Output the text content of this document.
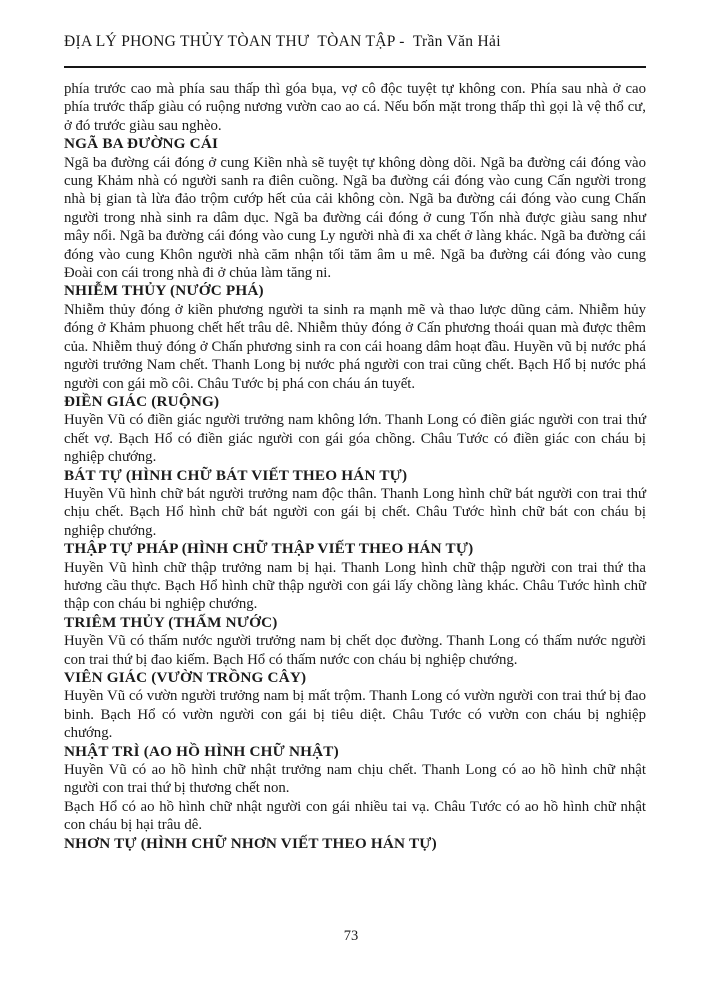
ĐỊA LÝ PHONG THỦY TÒAN THƯ  TÒAN TẬP -  Trần Văn Hải

phía trước cao mà phía sau thấp thì góa bụa, vợ cô độc tuyệt tự không con. Phía sau nhà ở cao phía trước thấp giàu có ruộng nương vườn cao ao cá. Nếu bốn mặt trong thấp thì gọi là vệ thổ cư, ở đó trước giàu sau nghèo.

NGÃ BA ĐƯỜNG CÁI

Ngã ba đường cái đóng ở cung Kiền nhà sẽ tuyệt tự không dòng dõi. Ngã ba đường cái đóng vào cung Khảm nhà có người sanh ra điên cuồng. Ngã ba đường cái đóng vào cung Cấn người trong nhà bị gian tà lừa đảo trộm cướp hết của cải không còn. Ngã ba đường cái đóng vào cung Chấn người trong nhà sinh ra dâm dục. Ngã ba đường cái đóng ở cung Tốn nhà được giàu sang như mây nổi. Ngã ba đường cái đóng vào cung Ly người nhà đi xa chết ở làng khác. Ngã ba đường cái đóng vào cung Khôn người nhà căm nhận tối tăm âm u mê. Ngã ba đường cái đóng vào cung Đoài con cái trong nhà đi ở chủa làm tăng ni.

NHIỄM THỦY (NƯỚC PHÁ)

Nhiễm thủy đóng ở kiền phương người ta sinh ra mạnh mẽ và thao lược dũng cảm. Nhiễm hủy đóng ở Khảm phuong chết hết trâu dê. Nhiễm thủy đóng ở Cấn phương thoái quan mà được thêm của. Nhiễm thuỷ đóng ở Chấn phương sinh ra con cái hoang dâm hoạt đầu. Huyền vũ bị nước phá người trưởng Nam chết. Thanh Long bị nước phá người con trai cũng chết. Bạch Hổ bị nước phá người con gái mồ côi. Châu Tước bị phá con cháu án tuyết.

ĐIỀN GIÁC (RUỘNG)

Huyền Vũ có điền giác người trưởng nam không lớn. Thanh Long có điền giác người con trai thứ chết vợ. Bạch Hổ có điền giác người con gái góa chồng. Châu Tước có điền giác con cháu bị nghiệp chướng.

BÁT TỰ (HÌNH CHỮ BÁT VIẾT THEO HÁN TỰ)

Huyền Vũ hình chữ bát người trưởng nam độc thân. Thanh Long hình chữ bát người con trai thứ chịu chết. Bạch Hổ hình chữ bát người con gái bị chết. Châu Tước hình chữ bát con cháu bị nghiệp chướng.

THẬP TỰ PHÁP (HÌNH CHỮ THẬP VIẾT THEO HÁN TỰ)

Huyền Vũ hình chữ thập trưởng nam bị hại. Thanh Long hình chữ thập người con trai thứ tha hương cầu thực. Bạch Hổ hình chữ thập người con gái lấy chồng làng khác. Châu Tước hình chữ thập con cháu bi nghiệp chướng.

TRIÊM THỦY (THẤM NƯỚC)

Huyền Vũ có thấm nước người trưởng nam bị chết dọc đường. Thanh Long có thấm nước người con trai thứ bị đao kiếm. Bạch Hổ có thấm nước con cháu bị nghiệp chướng.

VIÊN GIÁC (VƯỜN TRỒNG CÂY)

Huyền Vũ có vườn người trưởng nam bị mất trộm. Thanh Long có vườn người con trai thứ bị đao binh. Bạch Hổ có vườn người con gái bị tiêu diệt. Châu Tước có vườn con cháu bị nghiệp chướng.

NHẬT TRÌ (AO HỒ HÌNH CHỮ NHẬT)

Huyền Vũ có ao hồ hình chữ nhật trưởng nam chịu chết. Thanh Long có ao hồ hình chữ nhật người con trai thứ bị thương chết non.

Bạch Hổ có ao hồ hình chữ nhật người con gái nhiều tai vạ. Châu Tước có ao hồ hình chữ nhật con cháu bị hại trâu dê.

NHƠN TỰ (HÌNH CHỮ NHƠN VIẾT THEO HÁN TỰ)

73
